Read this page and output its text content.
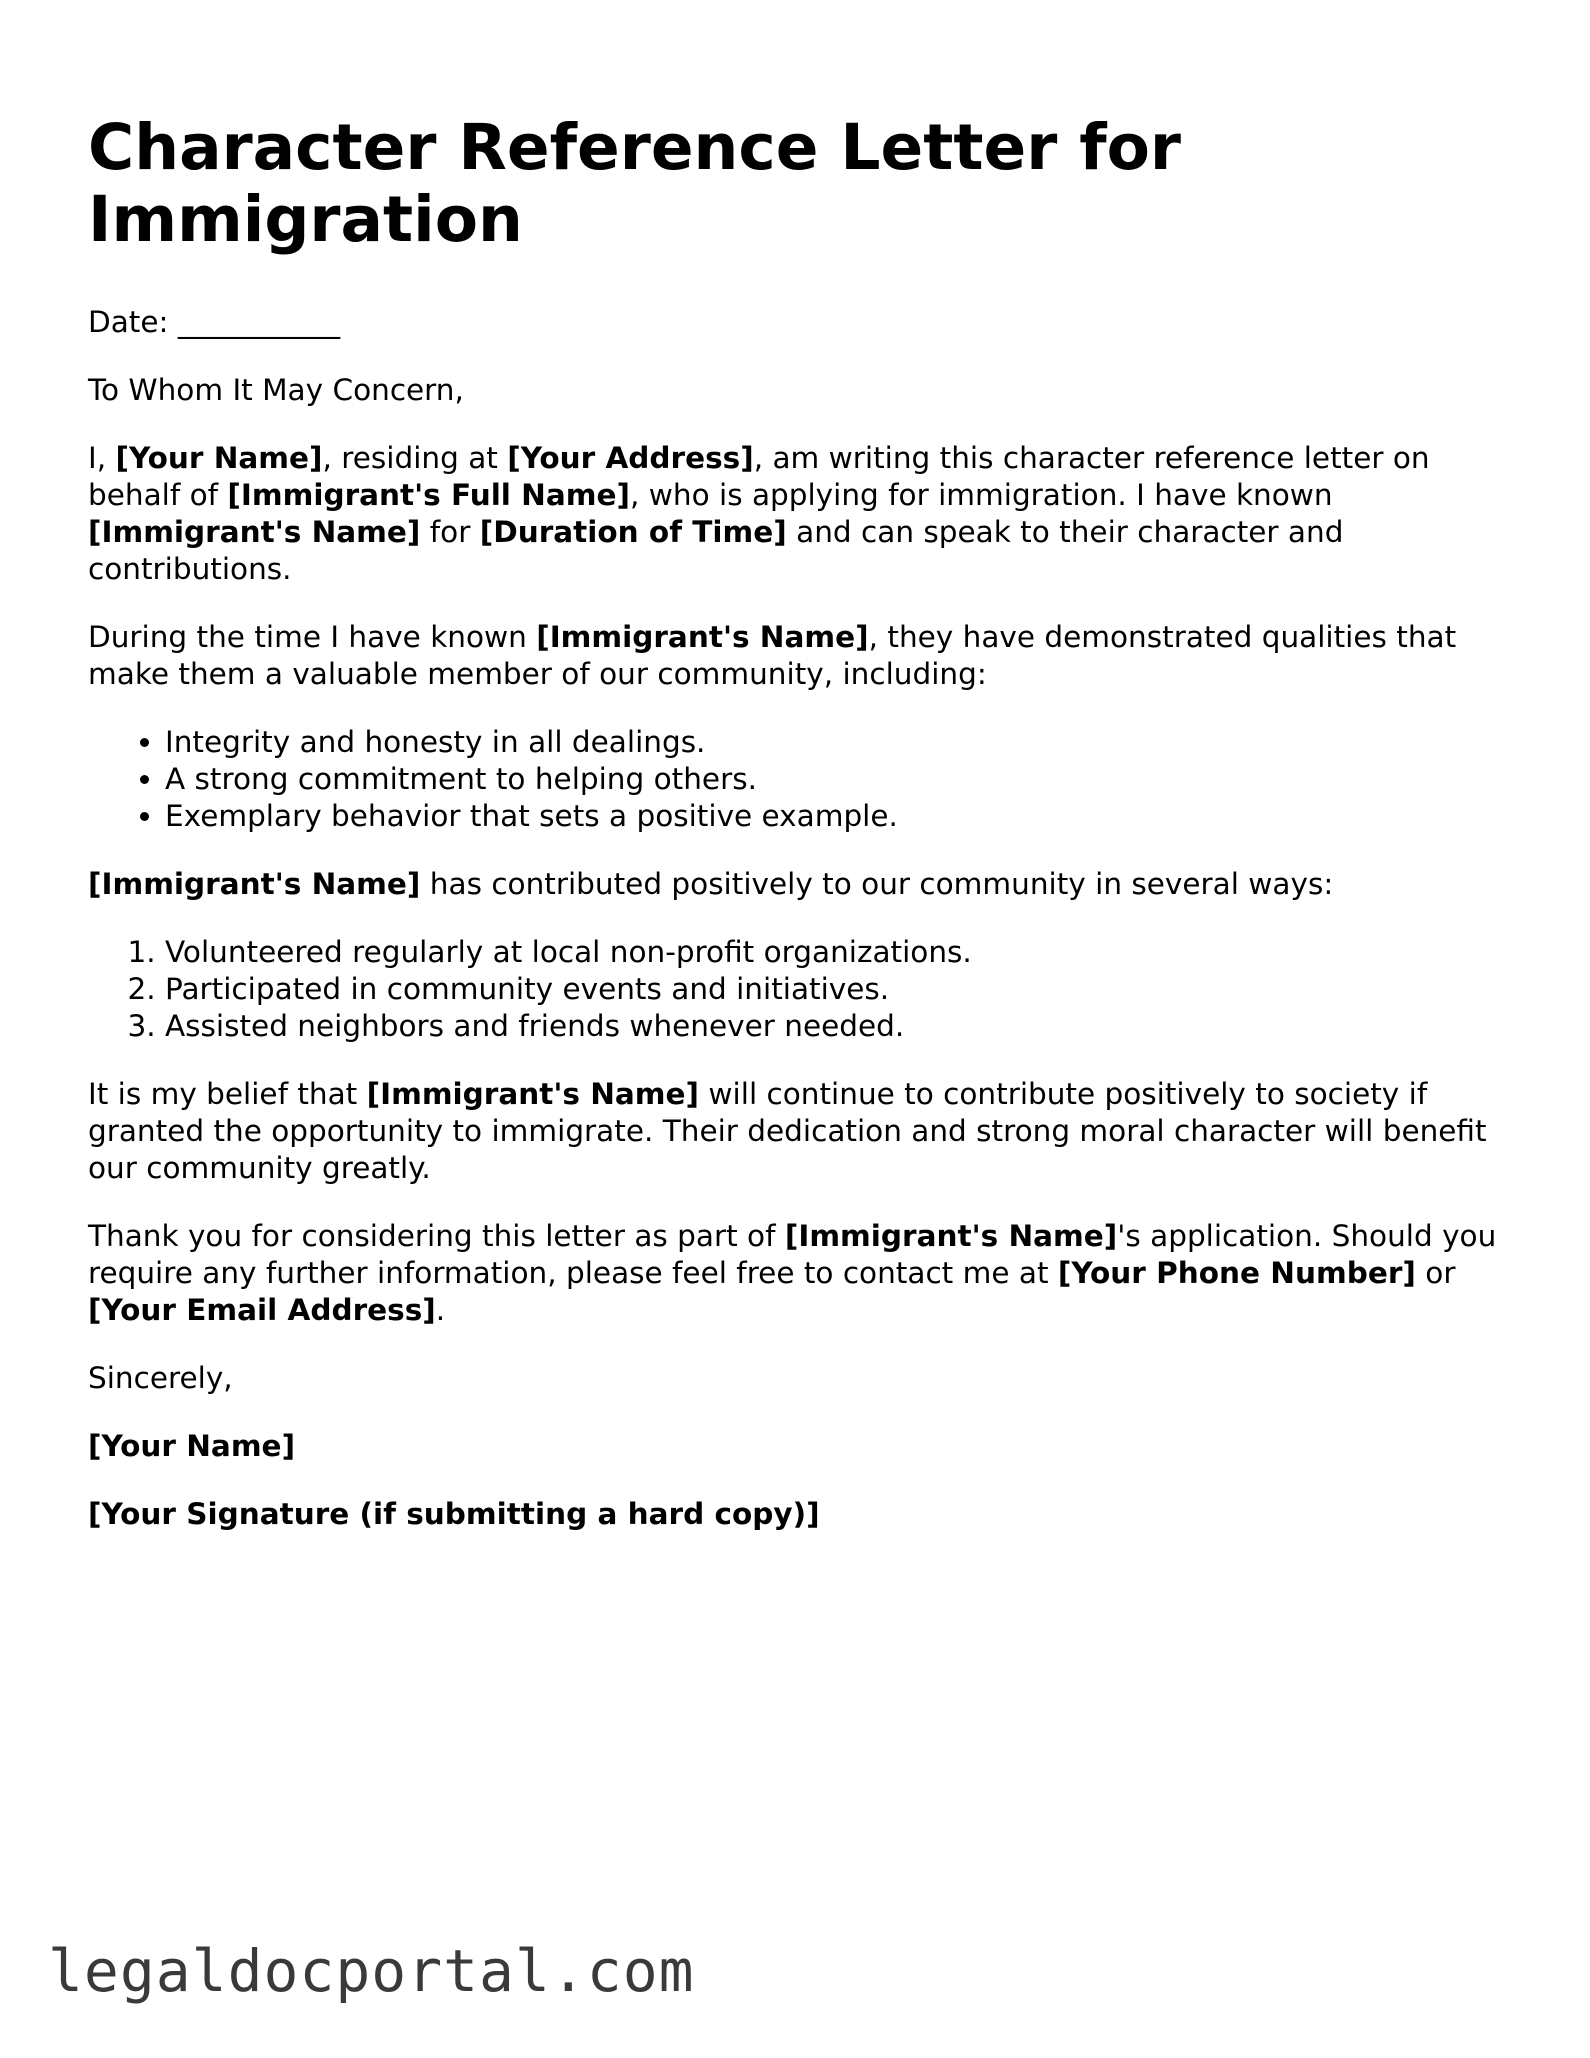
Character Reference Letter for Immigration

Date: ___________

To Whom It May Concern,

I, [Your Name], residing at [Your Address], am writing this character reference letter on behalf of [Immigrant's Full Name], who is applying for immigration. I have known [Immigrant's Name] for [Duration of Time] and can speak to their character and contributions.

During the time I have known [Immigrant's Name], they have demonstrated qualities that make them a valuable member of our community, including:

• Integrity and honesty in all dealings.
• A strong commitment to helping others.
• Exemplary behavior that sets a positive example.

[Immigrant's Name] has contributed positively to our community in several ways:

1. Volunteered regularly at local non-profit organizations.
2. Participated in community events and initiatives.
3. Assisted neighbors and friends whenever needed.

It is my belief that [Immigrant's Name] will continue to contribute positively to society if granted the opportunity to immigrate. Their dedication and strong moral character will benefit our community greatly.

Thank you for considering this letter as part of [Immigrant's Name]'s application. Should you require any further information, please feel free to contact me at [Your Phone Number] or [Your Email Address].

Sincerely,

[Your Name]

[Your Signature (if submitting a hard copy)]

legaldocportal.com
